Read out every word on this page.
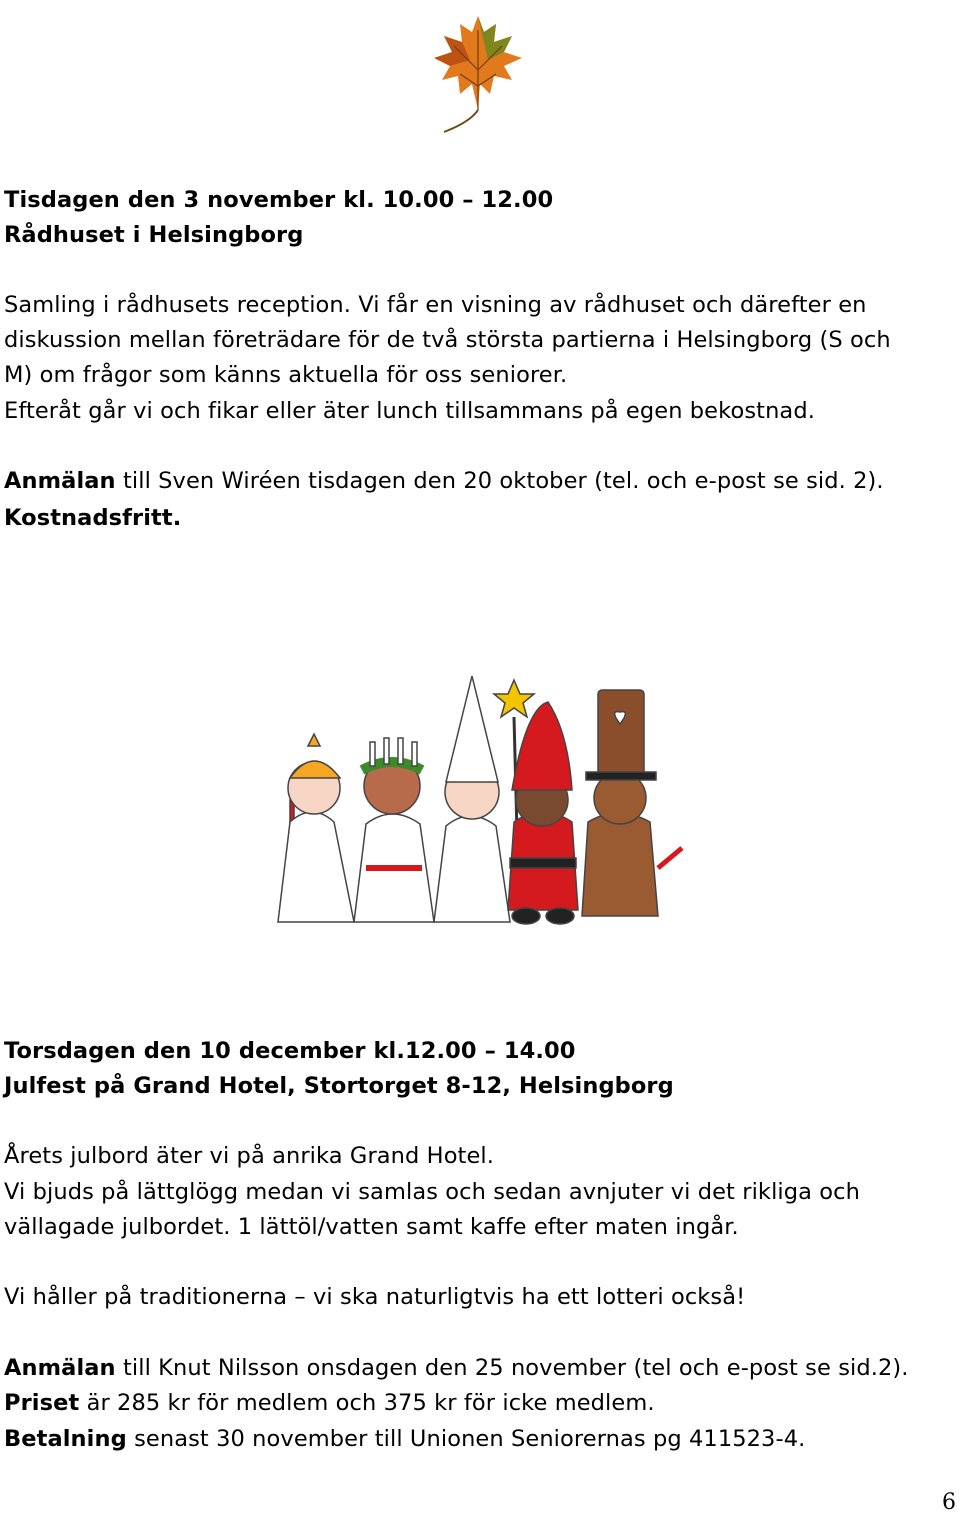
Tisdagen den 3 november kl. 10.00 – 12.00
Rådhuset i Helsingborg
Samling i rådhusets reception. Vi får en visning av rådhuset och därefter en
diskussion mellan företrädare för de två största partierna i Helsingborg (S och
M) om frågor som känns aktuella för oss seniorer.
Efteråt går vi och fikar eller äter lunch tillsammans på egen bekostnad.
Anmälan till Sven Wiréen tisdagen den 20 oktober (tel. och e-post se sid. 2).
Kostnadsfritt.
Torsdagen den 10 december kl.12.00 – 14.00
Julfest på Grand Hotel, Stortorget 8-12, Helsingborg
Årets julbord äter vi på anrika Grand Hotel.
Vi bjuds på lättglögg medan vi samlas och sedan avnjuter vi det rikliga och
vällagade julbordet. 1 lättöl/vatten samt kaffe efter maten ingår.
Vi håller på traditionerna – vi ska naturligtvis ha ett lotteri också!
Anmälan till Knut Nilsson onsdagen den 25 november (tel och e-post se sid.2).
Priset är 285 kr för medlem och 375 kr för icke medlem.
Betalning senast 30 november till Unionen Seniorernas pg 411523-4.
6
